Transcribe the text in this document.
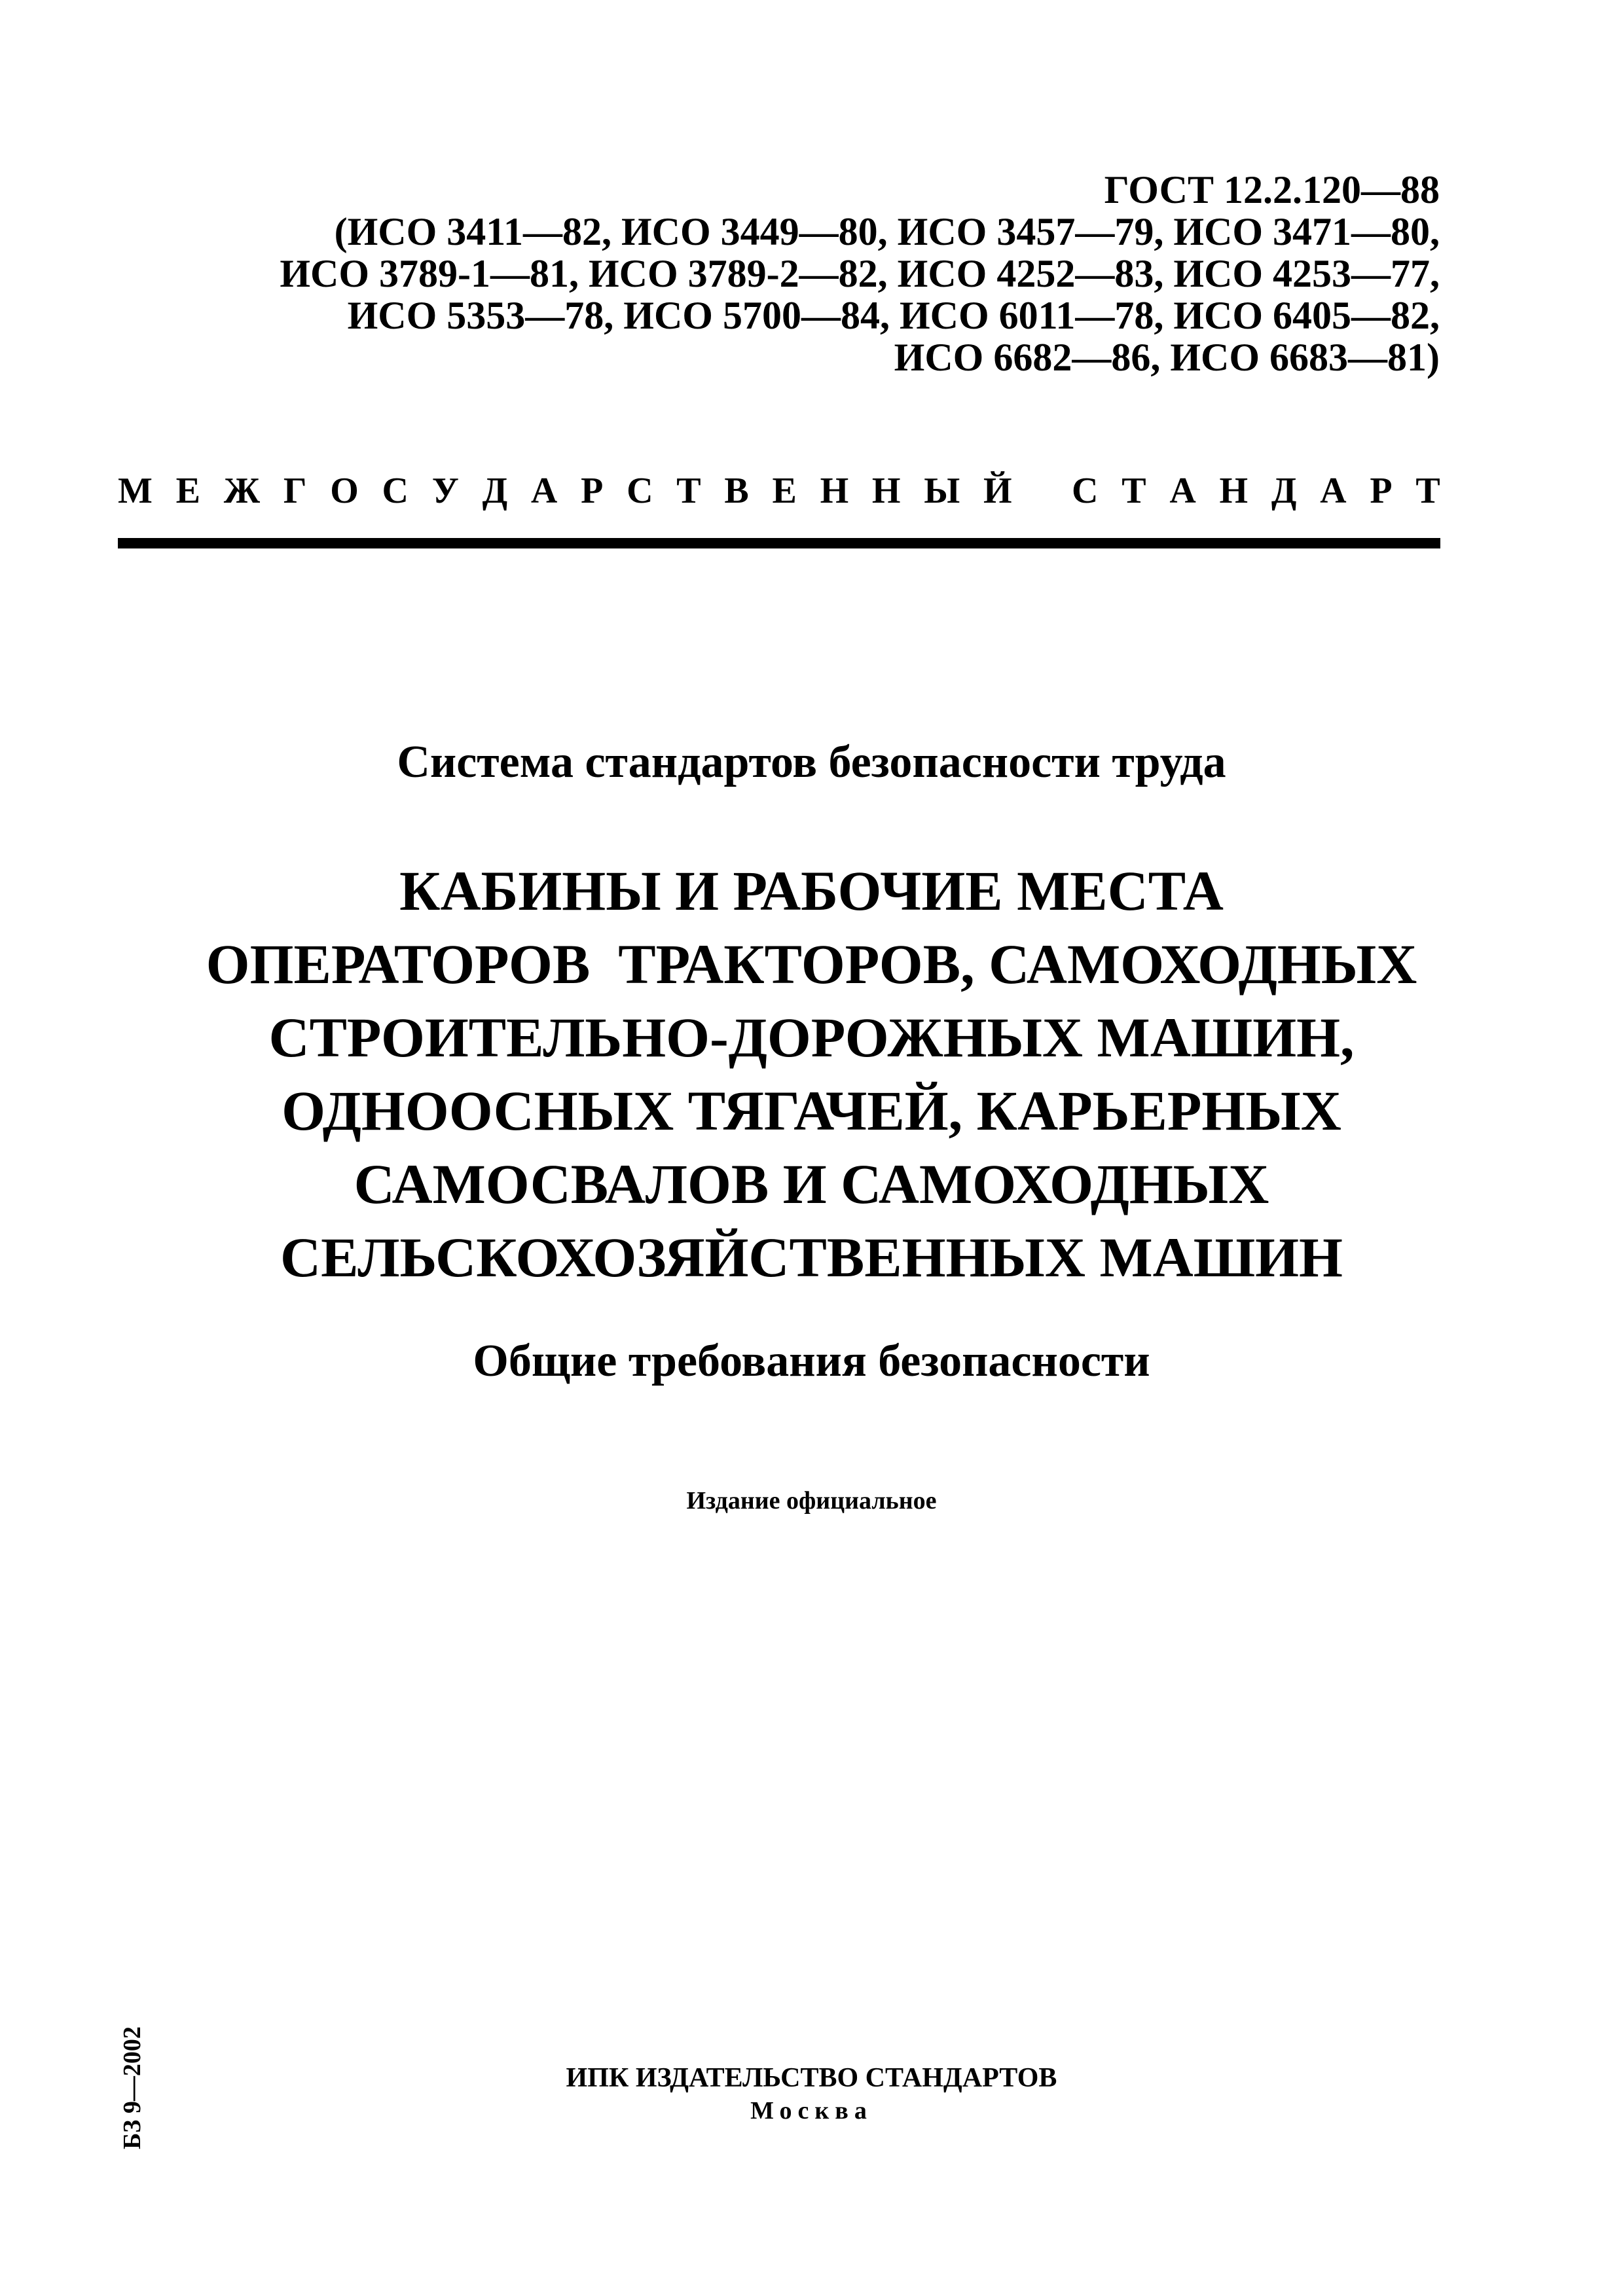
ГОСТ 12.2.120—88
(ИСО 3411—82, ИСО 3449—80, ИСО 3457—79, ИСО 3471—80,
ИСО 3789-1—81, ИСО 3789-2—82, ИСО 4252—83, ИСО 4253—77,
ИСО 5353—78, ИСО 5700—84, ИСО 6011—78, ИСО 6405—82,
ИСО 6682—86, ИСО 6683—81)
М Е Ж Г О С У Д А Р С Т В Е Н Н Ы Й С Т А Н Д А Р Т
Система стандартов безопасности труда
КАБИНЫ И РАБОЧИЕ МЕСТА
ОПЕРАТОРОВ  ТРАКТОРОВ, САМОХОДНЫХ
СТРОИТЕЛЬНО-ДОРОЖНЫХ МАШИН,
ОДНООСНЫХ ТЯГАЧЕЙ, КАРЬЕРНЫХ
САМОСВАЛОВ И САМОХОДНЫХ
СЕЛЬСКОХОЗЯЙСТВЕННЫХ МАШИН
Общие требования безопасности
Издание официальное
БЗ 9—2002	ИПК ИЗДАТЕЛЬСТВО СТАНДАРТОВ
Москва
